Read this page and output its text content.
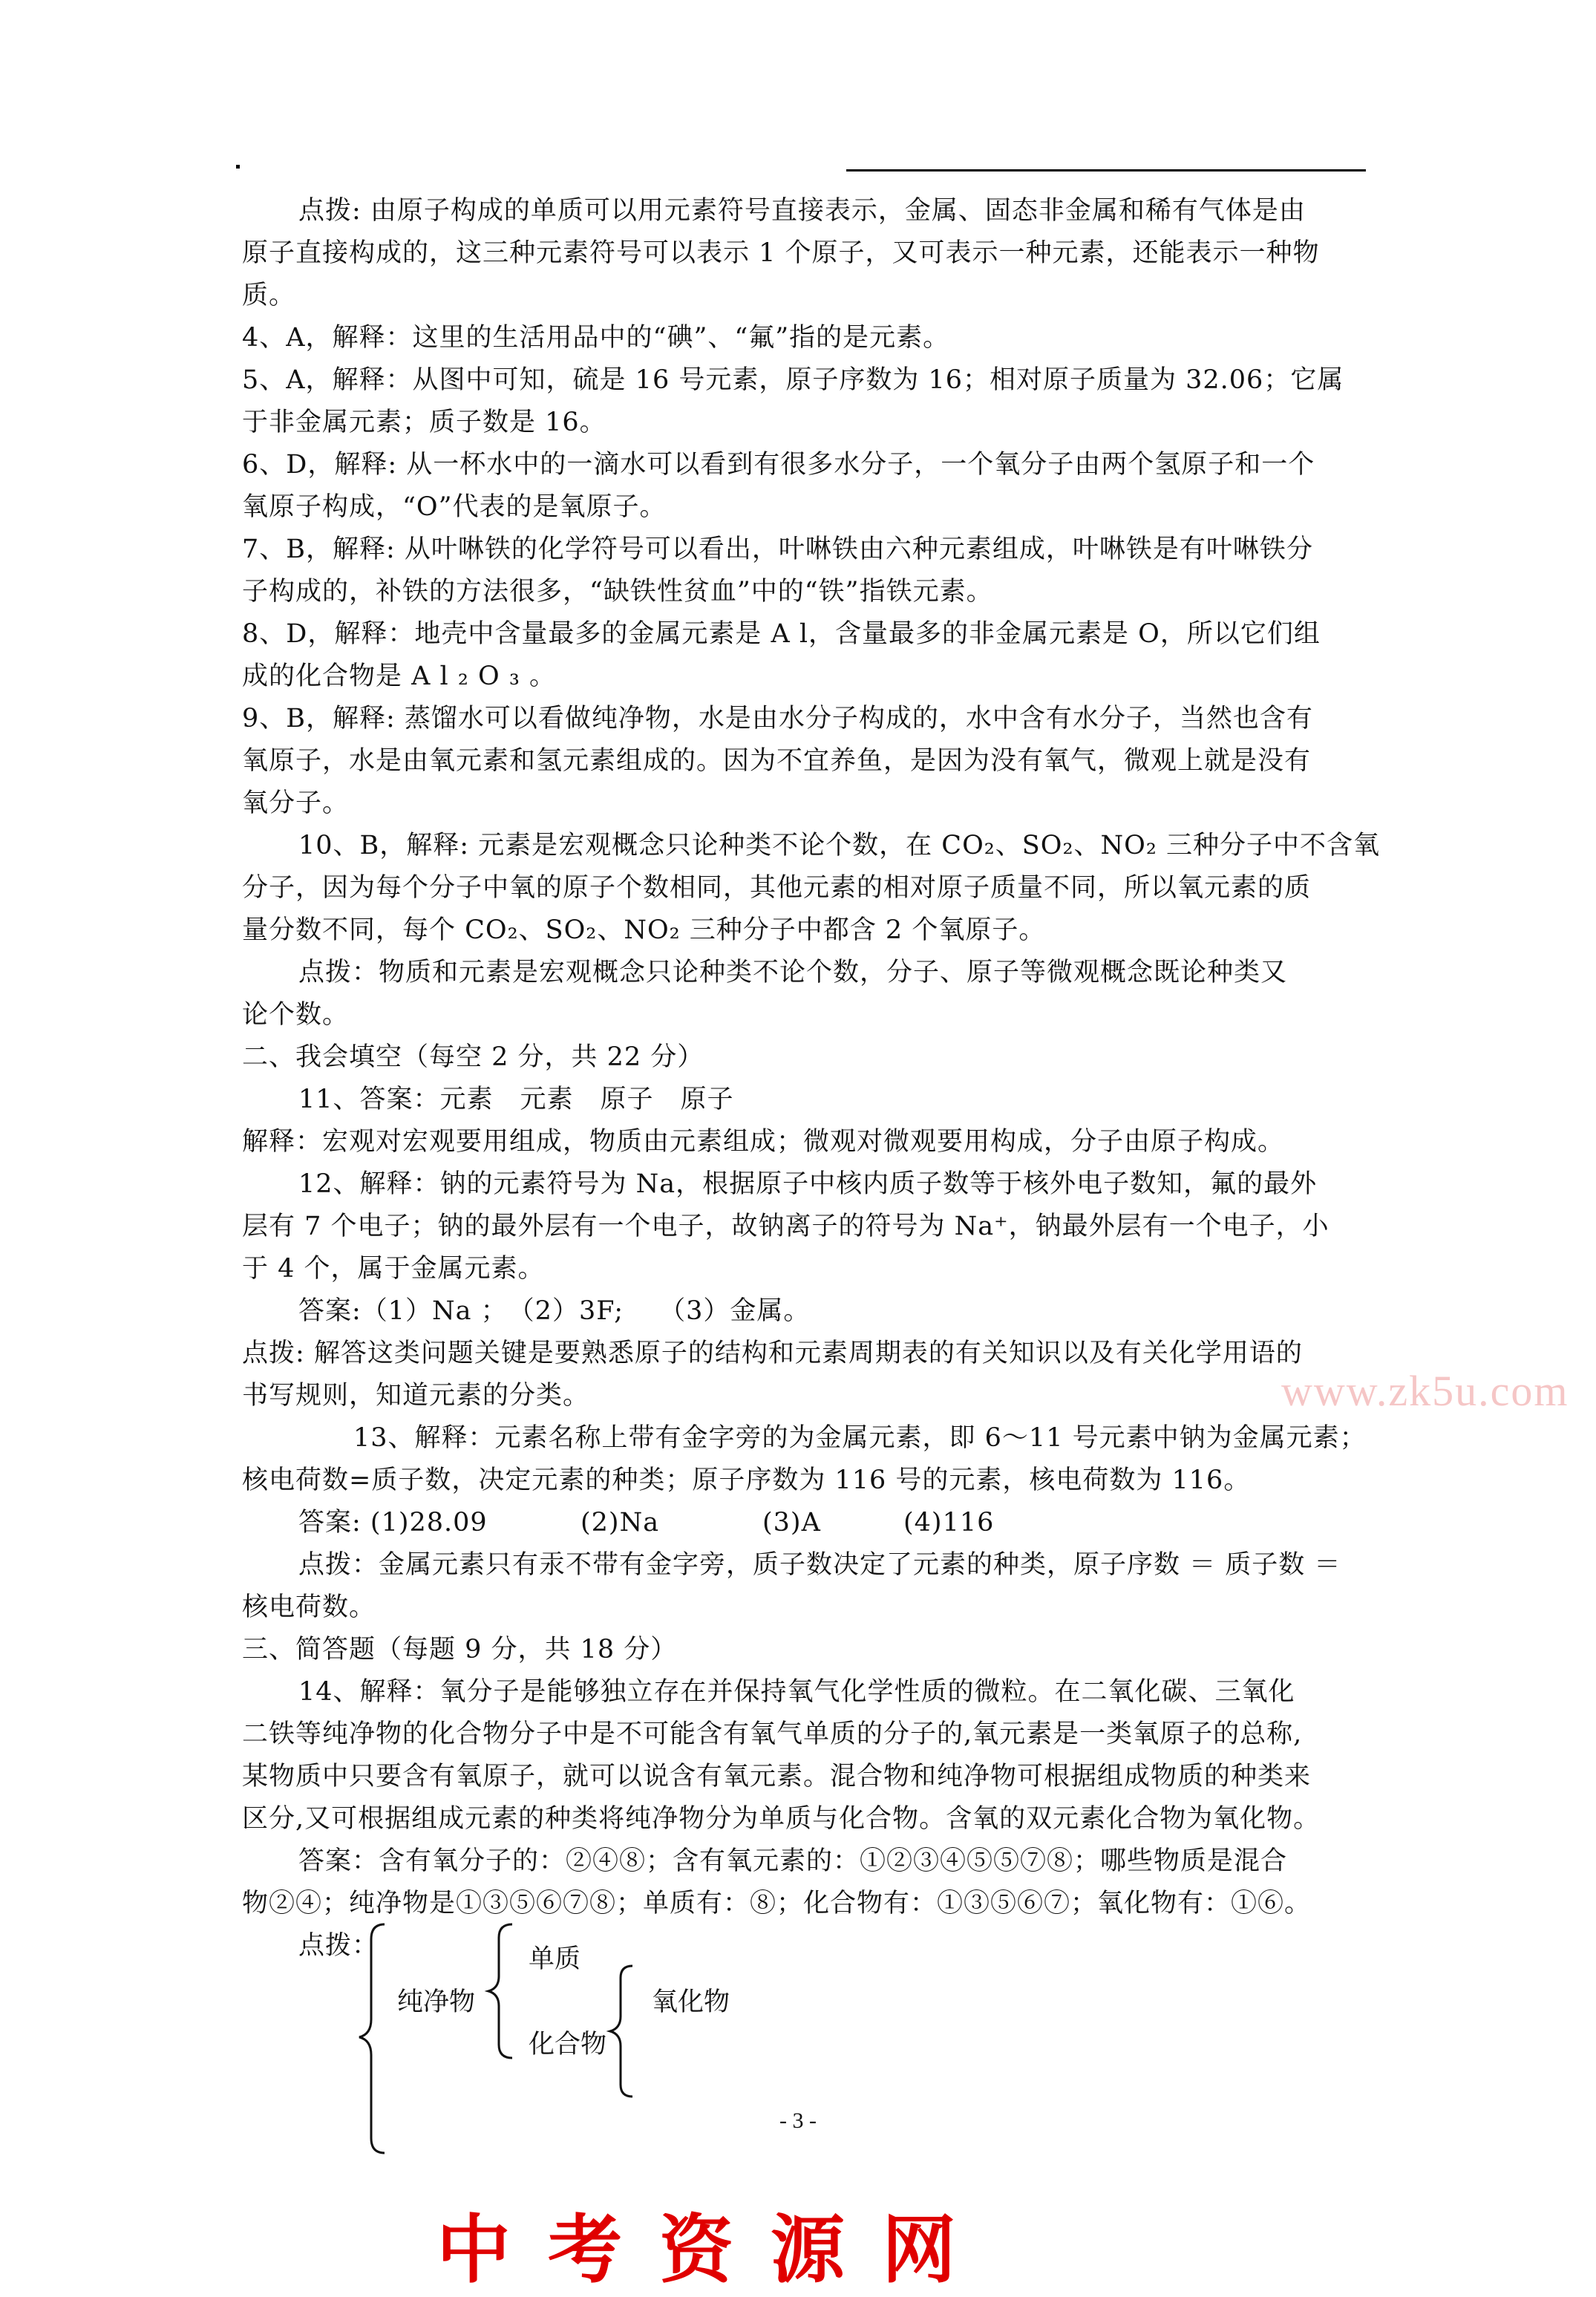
点拨: 由原子构成的单质可以用元素符号直接表示，金属、固态非金属和稀有气体是由

原子直接构成的，这三种元素符号可以表示 1 个原子，又可表示一种元素，还能表示一种物

质。

4、A，解释：这里的生活用品中的“碘”、“氟”指的是元素。

5、A，解释：从图中可知，硫是 16 号元素，原子序数为 16；相对原子质量为 32.06；它属

于非金属元素；质子数是 16。

6、D，解释: 从一杯水中的一滴水可以看到有很多水分子，一个氧分子由两个氢原子和一个

氧原子构成，“O”代表的是氧原子。

7、B，解释: 从叶啉铁的化学符号可以看出，叶啉铁由六种元素组成，叶啉铁是有叶啉铁分

子构成的，补铁的方法很多，“缺铁性贫血”中的“铁”指铁元素。

8、D，解释：地壳中含量最多的金属元素是 A l，含量最多的非金属元素是 O，所以它们组

成的化合物是 A l ₂ O ₃ 。

9、B，解释: 蒸馏水可以看做纯净物，水是由水分子构成的，水中含有水分子，当然也含有

氧原子，水是由氧元素和氢元素组成的。因为不宜养鱼，是因为没有氧气，微观上就是没有

氧分子。

10、B，解释: 元素是宏观概念只论种类不论个数，在 CO₂、SO₂、NO₂ 三种分子中不含氧

分子，因为每个分子中氧的原子个数相同，其他元素的相对原子质量不同，所以氧元素的质

量分数不同，每个 CO₂、SO₂、NO₂ 三种分子中都含 2 个氧原子。

点拨：物质和元素是宏观概念只论种类不论个数，分子、原子等微观概念既论种类又

论个数。

二、我会填空（每空 2 分，共 22 分）

11、答案：元素　元素　原子　原子

解释：宏观对宏观要用组成，物质由元素组成；微观对微观要用构成，分子由原子构成。

12、解释：钠的元素符号为 Na，根据原子中核内质子数等于核外电子数知，氟的最外

层有 7 个电子；钠的最外层有一个电子，故钠离子的符号为 Na⁺，钠最外层有一个电子，小

于 4 个，属于金属元素。

答案:（1）Na ；　（2）3F;　 （3）金属。

点拨: 解答这类问题关键是要熟悉原子的结构和元素周期表的有关知识以及有关化学用语的

书写规则，知道元素的分类。

13、解释：元素名称上带有金字旁的为金属元素，即 6～11 号元素中钠为金属元素；

核电荷数=质子数，决定元素的种类；原子序数为 116 号的元素，核电荷数为 116。

答案: (1)28.09	(2)Na	(3)A	(4)116

点拨：金属元素只有汞不带有金字旁，质子数决定了元素的种类，原子序数 ＝ 质子数 ＝

核电荷数。

三、简答题（每题 9 分，共 18 分）

14、解释：氧分子是能够独立存在并保持氧气化学性质的微粒。在二氧化碳、三氧化

二铁等纯净物的化合物分子中是不可能含有氧气单质的分子的,氧元素是一类氧原子的总称,

某物质中只要含有氧原子，就可以说含有氧元素。混合物和纯净物可根据组成物质的种类来

区分,又可根据组成元素的种类将纯净物分为单质与化合物。含氧的双元素化合物为氧化物。

答案：含有氧分子的：②④⑧；含有氧元素的：①②③④⑤⑤⑦⑧；哪些物质是混合

物②④；纯净物是①③⑤⑥⑦⑧；单质有：⑧；化合物有：①③⑤⑥⑦；氧化物有：①⑥。

点拨：

www.zk5u.com
纯净物
单质
化合物
氧化物
- 3 -
中考资源网
